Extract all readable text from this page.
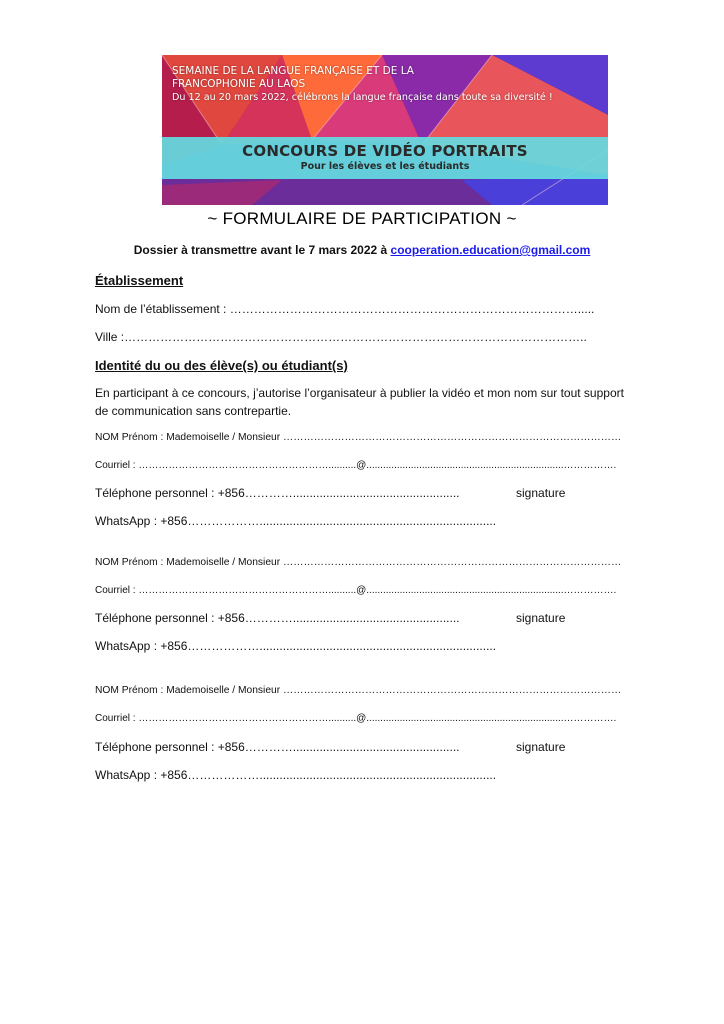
SEMAINE DE LA LANGUE FRANÇAISE ET DE LA
FRANCOPHONIE AU LAOS
Du 12 au 20 mars 2022, célébrons la langue française dans toute sa diversité !
CONCOURS DE VIDÉO PORTRAITS
Pour les élèves et les étudiants
~ FORMULAIRE DE PARTICIPATION ~
Dossier à transmettre avant le 7 mars 2022 à cooperation.education@gmail.com
Établissement
Nom de l’établissement : …………………………………………………………………………….....
Ville :……………………………………………………………………………………………………..
Identité du ou des élève(s) ou étudiant(s)
En participant à ce concours, j’autorise l’organisateur à publier la vidéo et mon nom sur tout support
de communication sans contrepartie.
NOM Prénom : Mademoiselle / Monsieur ………………………………………………………………………………………
Courriel : …………………………………………………..........@.......................................................................…………….
Téléphone personnel : +856…………..................................................	signature
WhatsApp : +856……………….......................................................................
NOM Prénom : Mademoiselle / Monsieur ………………………………………………………………………………………
Courriel : …………………………………………………..........@.......................................................................…………….
Téléphone personnel : +856…………..................................................	signature
WhatsApp : +856……………….......................................................................
NOM Prénom : Mademoiselle / Monsieur ………………………………………………………………………………………
Courriel : …………………………………………………..........@.......................................................................…………….
Téléphone personnel : +856…………..................................................	signature
WhatsApp : +856……………….......................................................................
